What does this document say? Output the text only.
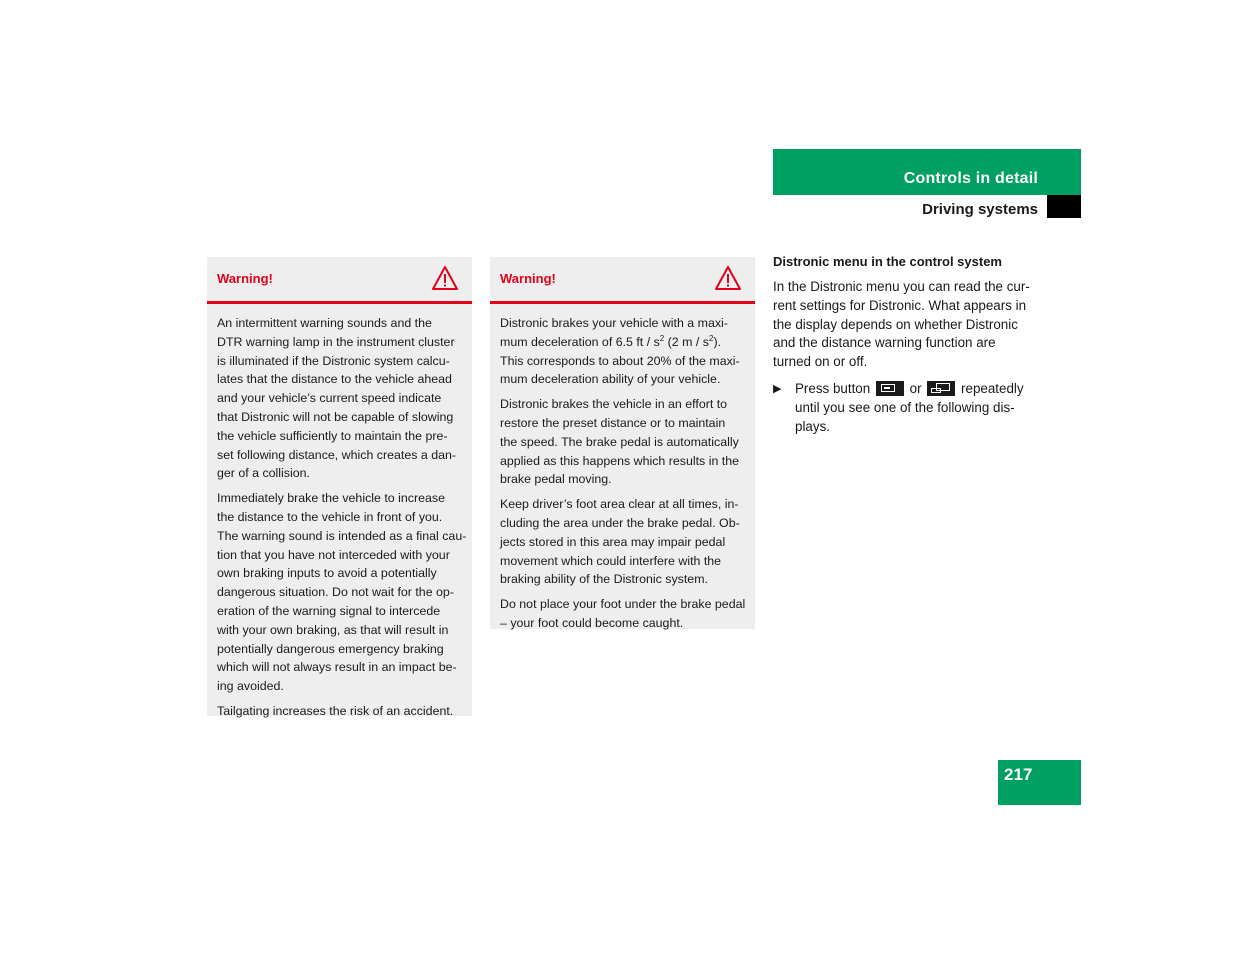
Controls in detail
Driving systems
Warning!
An intermittent warning sounds and the
DTR warning lamp in the instrument cluster
is illuminated if the Distronic system calcu-
lates that the distance to the vehicle ahead
and your vehicle’s current speed indicate
that Distronic will not be capable of slowing
the vehicle sufficiently to maintain the pre-
set following distance, which creates a dan-
ger of a collision.
Immediately brake the vehicle to increase
the distance to the vehicle in front of you.
The warning sound is intended as a final cau-
tion that you have not interceded with your
own braking inputs to avoid a potentially
dangerous situation. Do not wait for the op-
eration of the warning signal to intercede
with your own braking, as that will result in
potentially dangerous emergency braking
which will not always result in an impact be-
ing avoided.
Tailgating increases the risk of an accident.
Warning!
Distronic brakes your vehicle with a maxi-
mum deceleration of 6.5 ft / $s^2$ (2 m / $s^2$).
This corresponds to about 20% of the maxi-
mum deceleration ability of your vehicle.
Distronic brakes the vehicle in an effort to
restore the preset distance or to maintain
the speed. The brake pedal is automatically
applied as this happens which results in the
brake pedal moving.
Keep driver’s foot area clear at all times, in-
cluding the area under the brake pedal. Ob-
jects stored in this area may impair pedal
movement which could interfere with the
braking ability of the Distronic system.
Do not place your foot under the brake pedal
– your foot could become caught.
Distronic menu in the control system
In the Distronic menu you can read the cur-
rent settings for Distronic. What appears in
the display depends on whether Distronic
and the distance warning function are
turned on or off.
▶ Press button	or	repeatedly
until you see one of the following dis-
plays.
217
